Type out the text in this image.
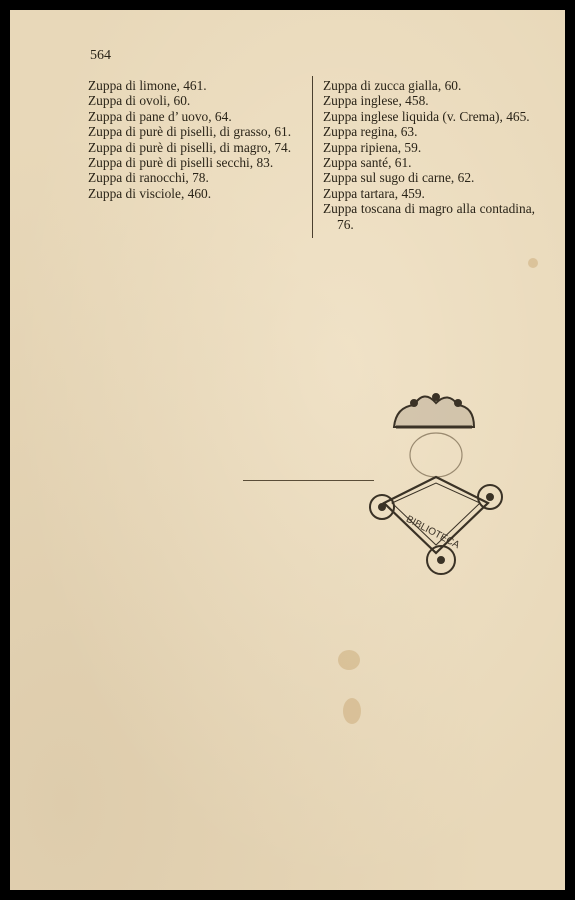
564
Zuppa di limone, 461.
Zuppa di ovoli, 60.
Zuppa di pane d’ uovo, 64.
Zuppa di purè di piselli, di grasso, 61.
Zuppa di purè di piselli, di magro, 74.
Zuppa di purè di piselli secchi, 83.
Zuppa di ranocchi, 78.
Zuppa di visciole, 460.
Zuppa di zucca gialla, 60.
Zuppa inglese, 458.
Zuppa inglese liquida (v. Crema), 465.
Zuppa regina, 63.
Zuppa ripiena, 59.
Zuppa santé, 61.
Zuppa sul sugo di carne, 62.
Zuppa tartara, 459.
Zuppa toscana di magro alla contadina, 76.
BIBLIOTECA
